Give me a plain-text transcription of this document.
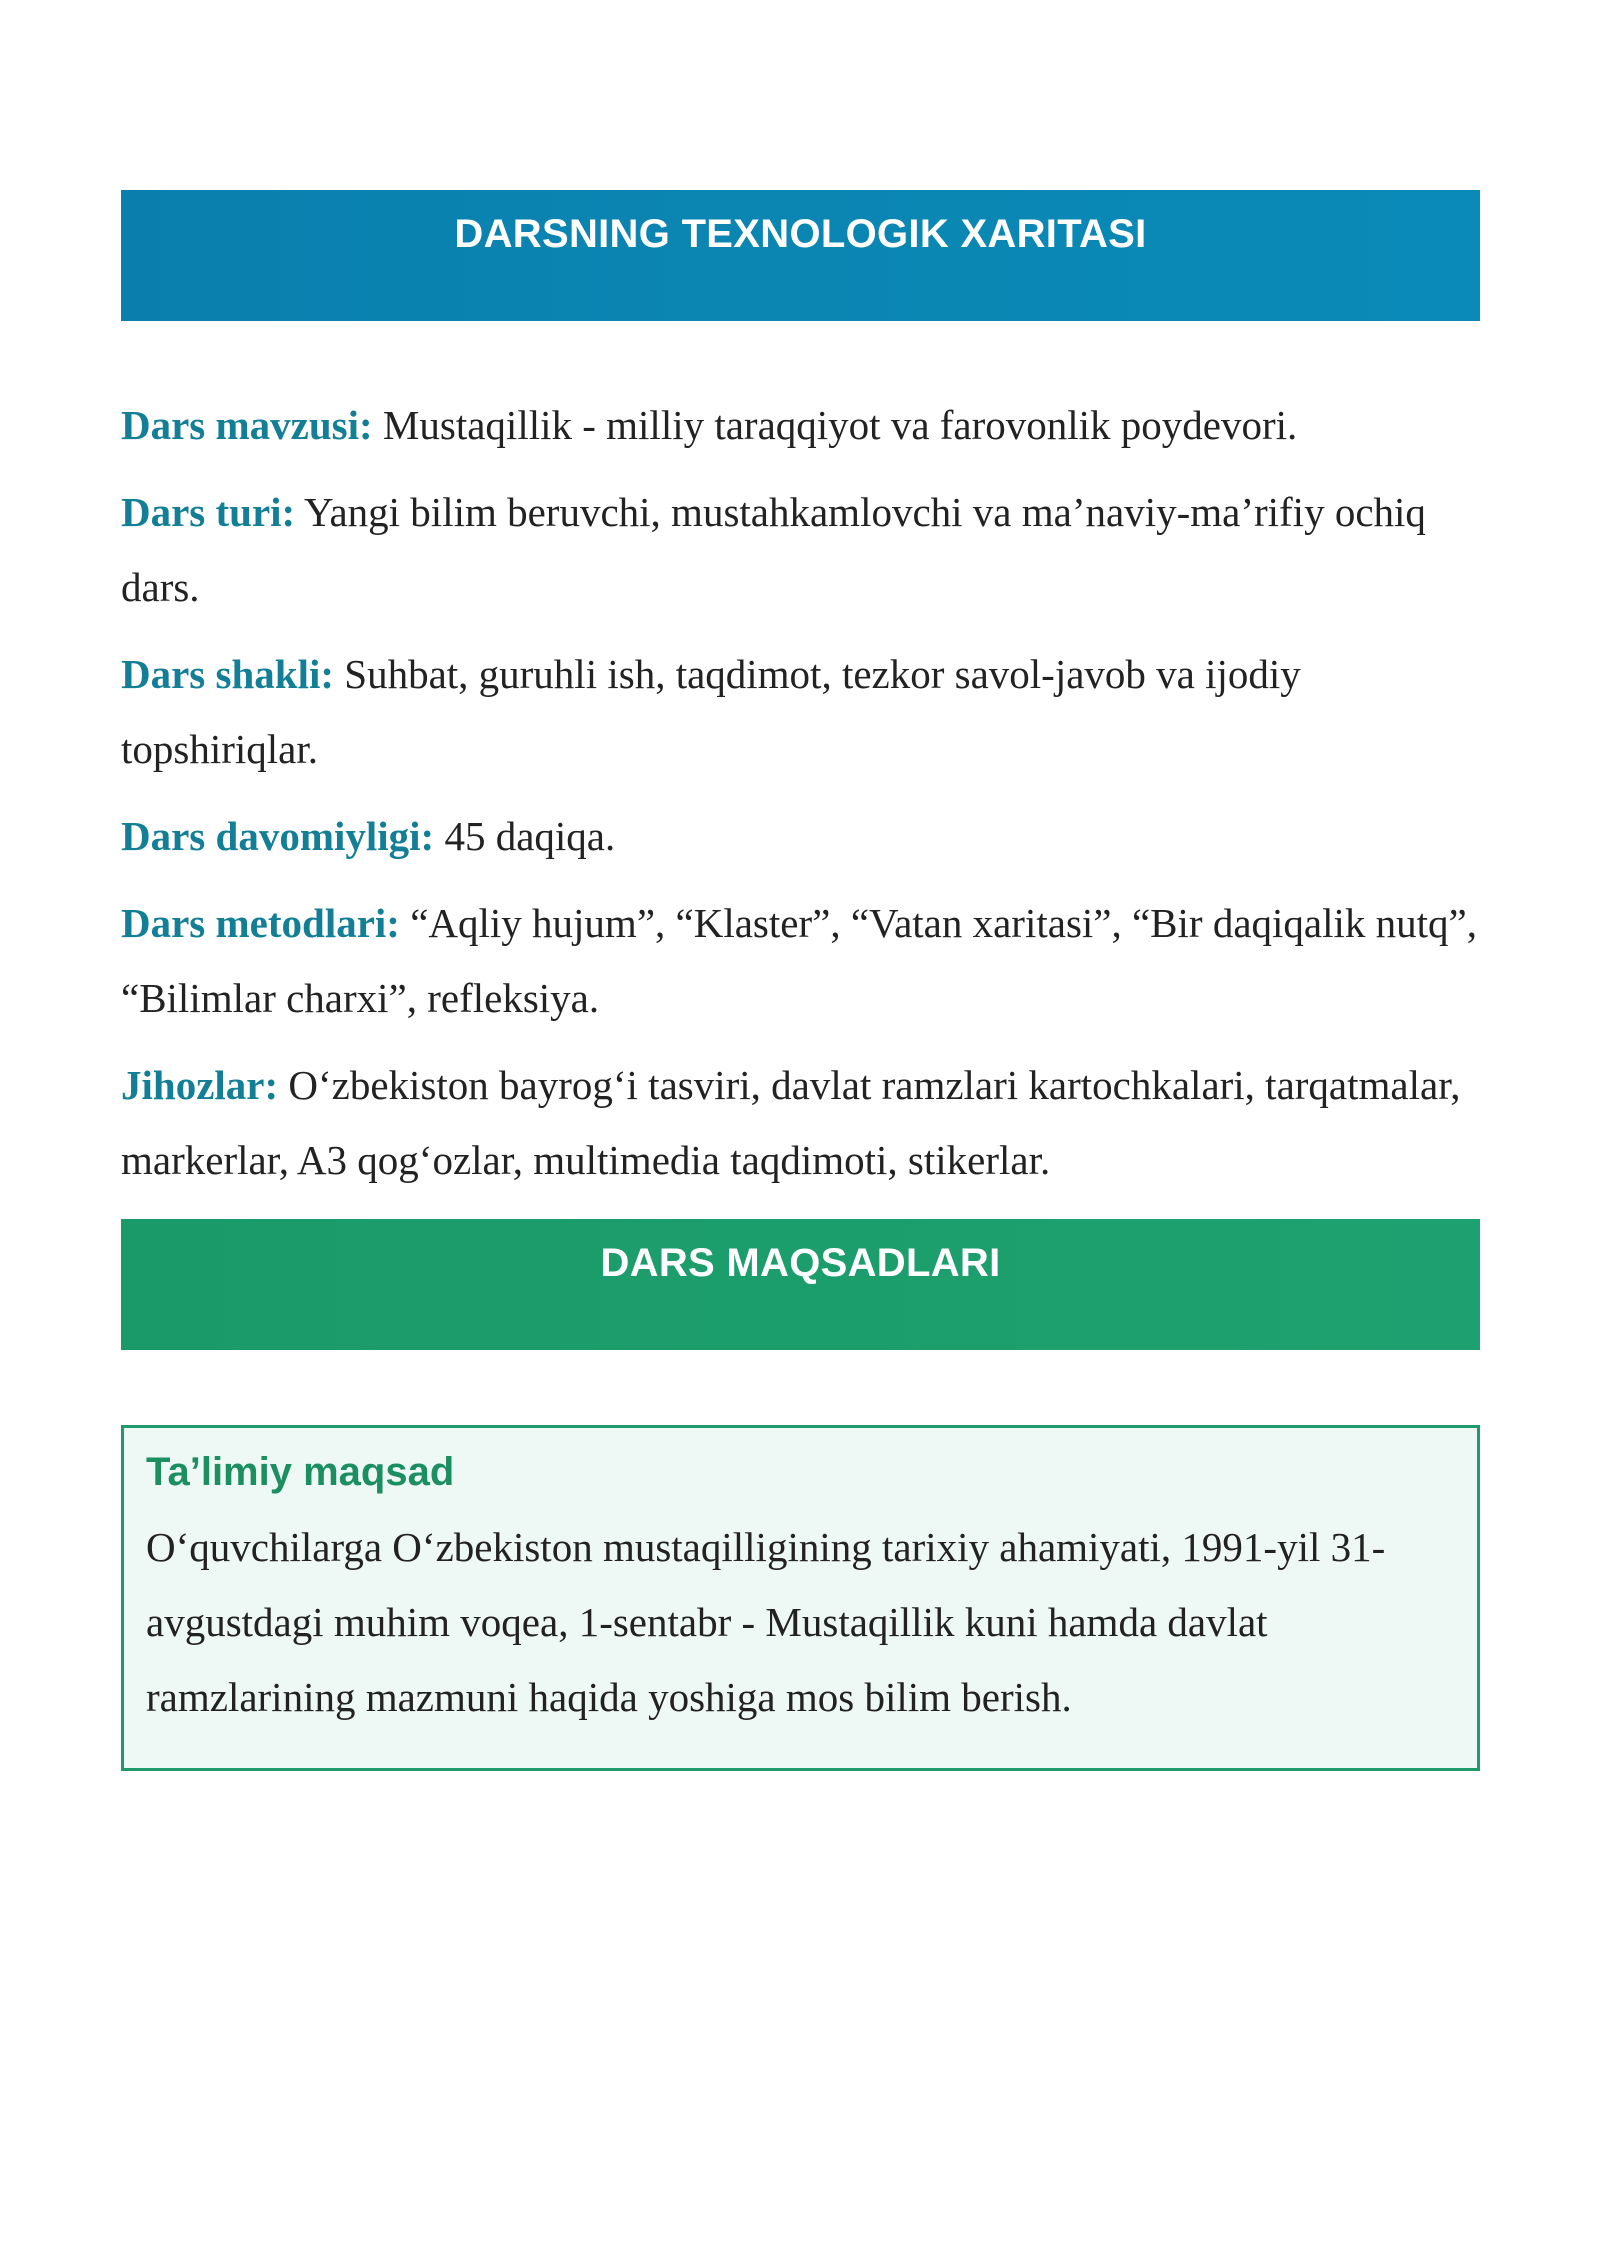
DARSNING TEXNOLOGIK XARITASI

Dars mavzusi: Mustaqillik - milliy taraqqiyot va farovonlik poydevori.

Dars turi: Yangi bilim beruvchi, mustahkamlovchi va ma’naviy-ma’rifiy ochiq dars.

Dars shakli: Suhbat, guruhli ish, taqdimot, tezkor savol-javob va ijodiy topshiriqlar.

Dars davomiyligi: 45 daqiqa.

Dars metodlari: “Aqliy hujum”, “Klaster”, “Vatan xaritasi”, “Bir daqiqalik nutq”, “Bilimlar charxi”, refleksiya.

Jihozlar: O‘zbekiston bayrog‘i tasviri, davlat ramzlari kartochkalari, tarqatmalar, markerlar, A3 qog‘ozlar, multimedia taqdimoti, stikerlar.

DARS MAQSADLARI
Ta’limiy maqsad

O‘quvchilarga O‘zbekiston mustaqilligining tarixiy ahamiyati, 1991-yil 31-avgustdagi muhim voqea, 1-sentabr - Mustaqillik kuni hamda davlat ramzlarining mazmuni haqida yoshiga mos bilim berish.
